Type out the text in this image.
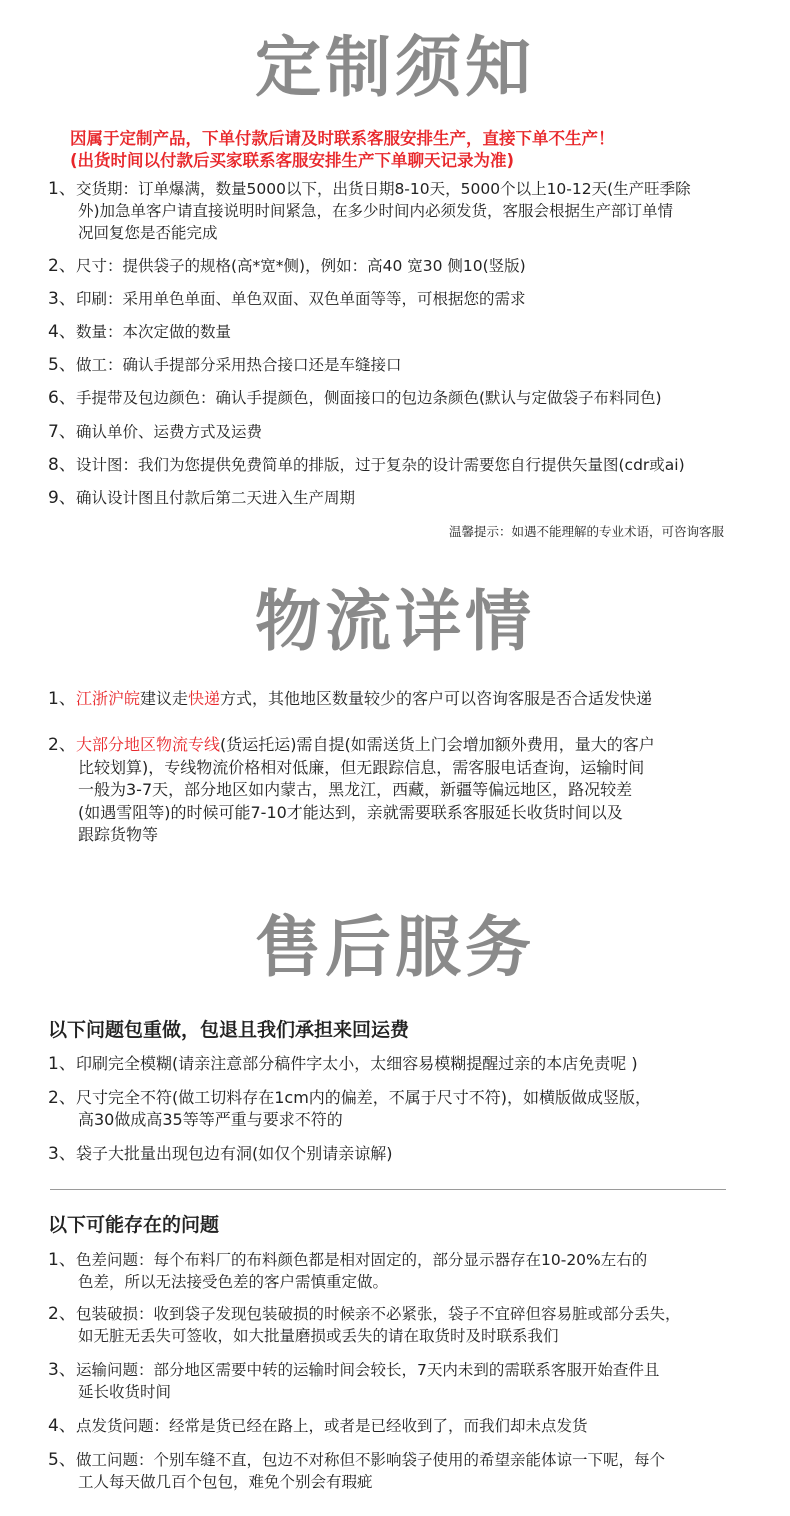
定制须知
因属于定制产品，下单付款后请及时联系客服安排生产，直接下单不生产！
(出货时间以付款后买家联系客服安排生产下单聊天记录为准)
1、交货期：订单爆满，数量5000以下，出货日期8-10天，5000个以上10-12天(生产旺季除
外)加急单客户请直接说明时间紧急，在多少时间内必须发货，客服会根据生产部订单情
况回复您是否能完成
2、尺寸：提供袋子的规格(高*宽*侧)，例如：高40 宽30 侧10(竖版)
3、印刷：采用单色单面、单色双面、双色单面等等，可根据您的需求
4、数量：本次定做的数量
5、做工：确认手提部分采用热合接口还是车缝接口
6、手提带及包边颜色：确认手提颜色，侧面接口的包边条颜色(默认与定做袋子布料同色)
7、确认单价、运费方式及运费
8、设计图：我们为您提供免费简单的排版，过于复杂的设计需要您自行提供矢量图(cdr或ai)
9、确认设计图且付款后第二天进入生产周期
温馨提示：如遇不能理解的专业术语，可咨询客服
物流详情
1、江浙沪皖建议走快递方式，其他地区数量较少的客户可以咨询客服是否合适发快递
2、大部分地区物流专线(货运托运)需自提(如需送货上门会增加额外费用，量大的客户
比较划算)，专线物流价格相对低廉，但无跟踪信息，需客服电话查询，运输时间
一般为3-7天，部分地区如内蒙古，黑龙江，西藏，新疆等偏远地区，路况较差
(如遇雪阻等)的时候可能7-10才能达到，亲就需要联系客服延长收货时间以及
跟踪货物等
售后服务
以下问题包重做，包退且我们承担来回运费
1、印刷完全模糊(请亲注意部分稿件字太小，太细容易模糊提醒过亲的本店免责呢 )
2、尺寸完全不符(做工切料存在1cm内的偏差，不属于尺寸不符)，如横版做成竖版，
高30做成高35等等严重与要求不符的
3、袋子大批量出现包边有洞(如仅个别请亲谅解)
以下可能存在的问题
1、色差问题：每个布料厂的布料颜色都是相对固定的，部分显示器存在10-20%左右的
色差，所以无法接受色差的客户需慎重定做。
2、包装破损：收到袋子发现包装破损的时候亲不必紧张，袋子不宜碎但容易脏或部分丢失，
如无脏无丢失可签收，如大批量磨损或丢失的请在取货时及时联系我们
3、运输问题：部分地区需要中转的运输时间会较长，7天内未到的需联系客服开始查件且
延长收货时间
4、点发货问题：经常是货已经在路上，或者是已经收到了，而我们却未点发货
5、做工问题：个别车缝不直，包边不对称但不影响袋子使用的希望亲能体谅一下呢，每个
工人每天做几百个包包，难免个别会有瑕疵
